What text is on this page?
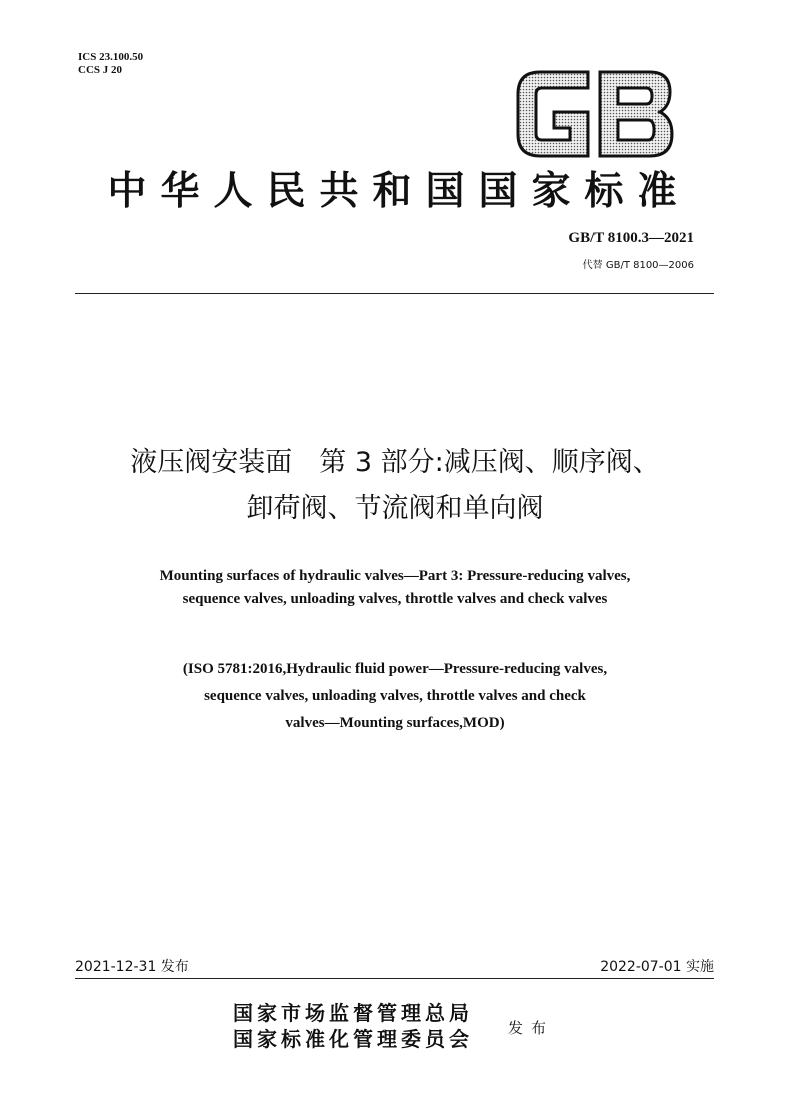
ICS 23.100.50
CCS J 20
中华人民共和国国家标准
GB/T 8100.3—2021
代替 GB/T 8100—2006
液压阀安装面　第 3 部分:减压阀、顺序阀、
卸荷阀、节流阀和单向阀
Mounting surfaces of hydraulic valves—Part 3: Pressure-reducing valves,
sequence valves, unloading valves, throttle valves and check valves
(ISO 5781:2016,Hydraulic fluid power—Pressure-reducing valves,
sequence valves, unloading valves, throttle valves and check
valves—Mounting surfaces,MOD)
2021-12-31 发布	2022-07-01 实施
国家市场监督管理总局
国家标准化管理委员会 发布
